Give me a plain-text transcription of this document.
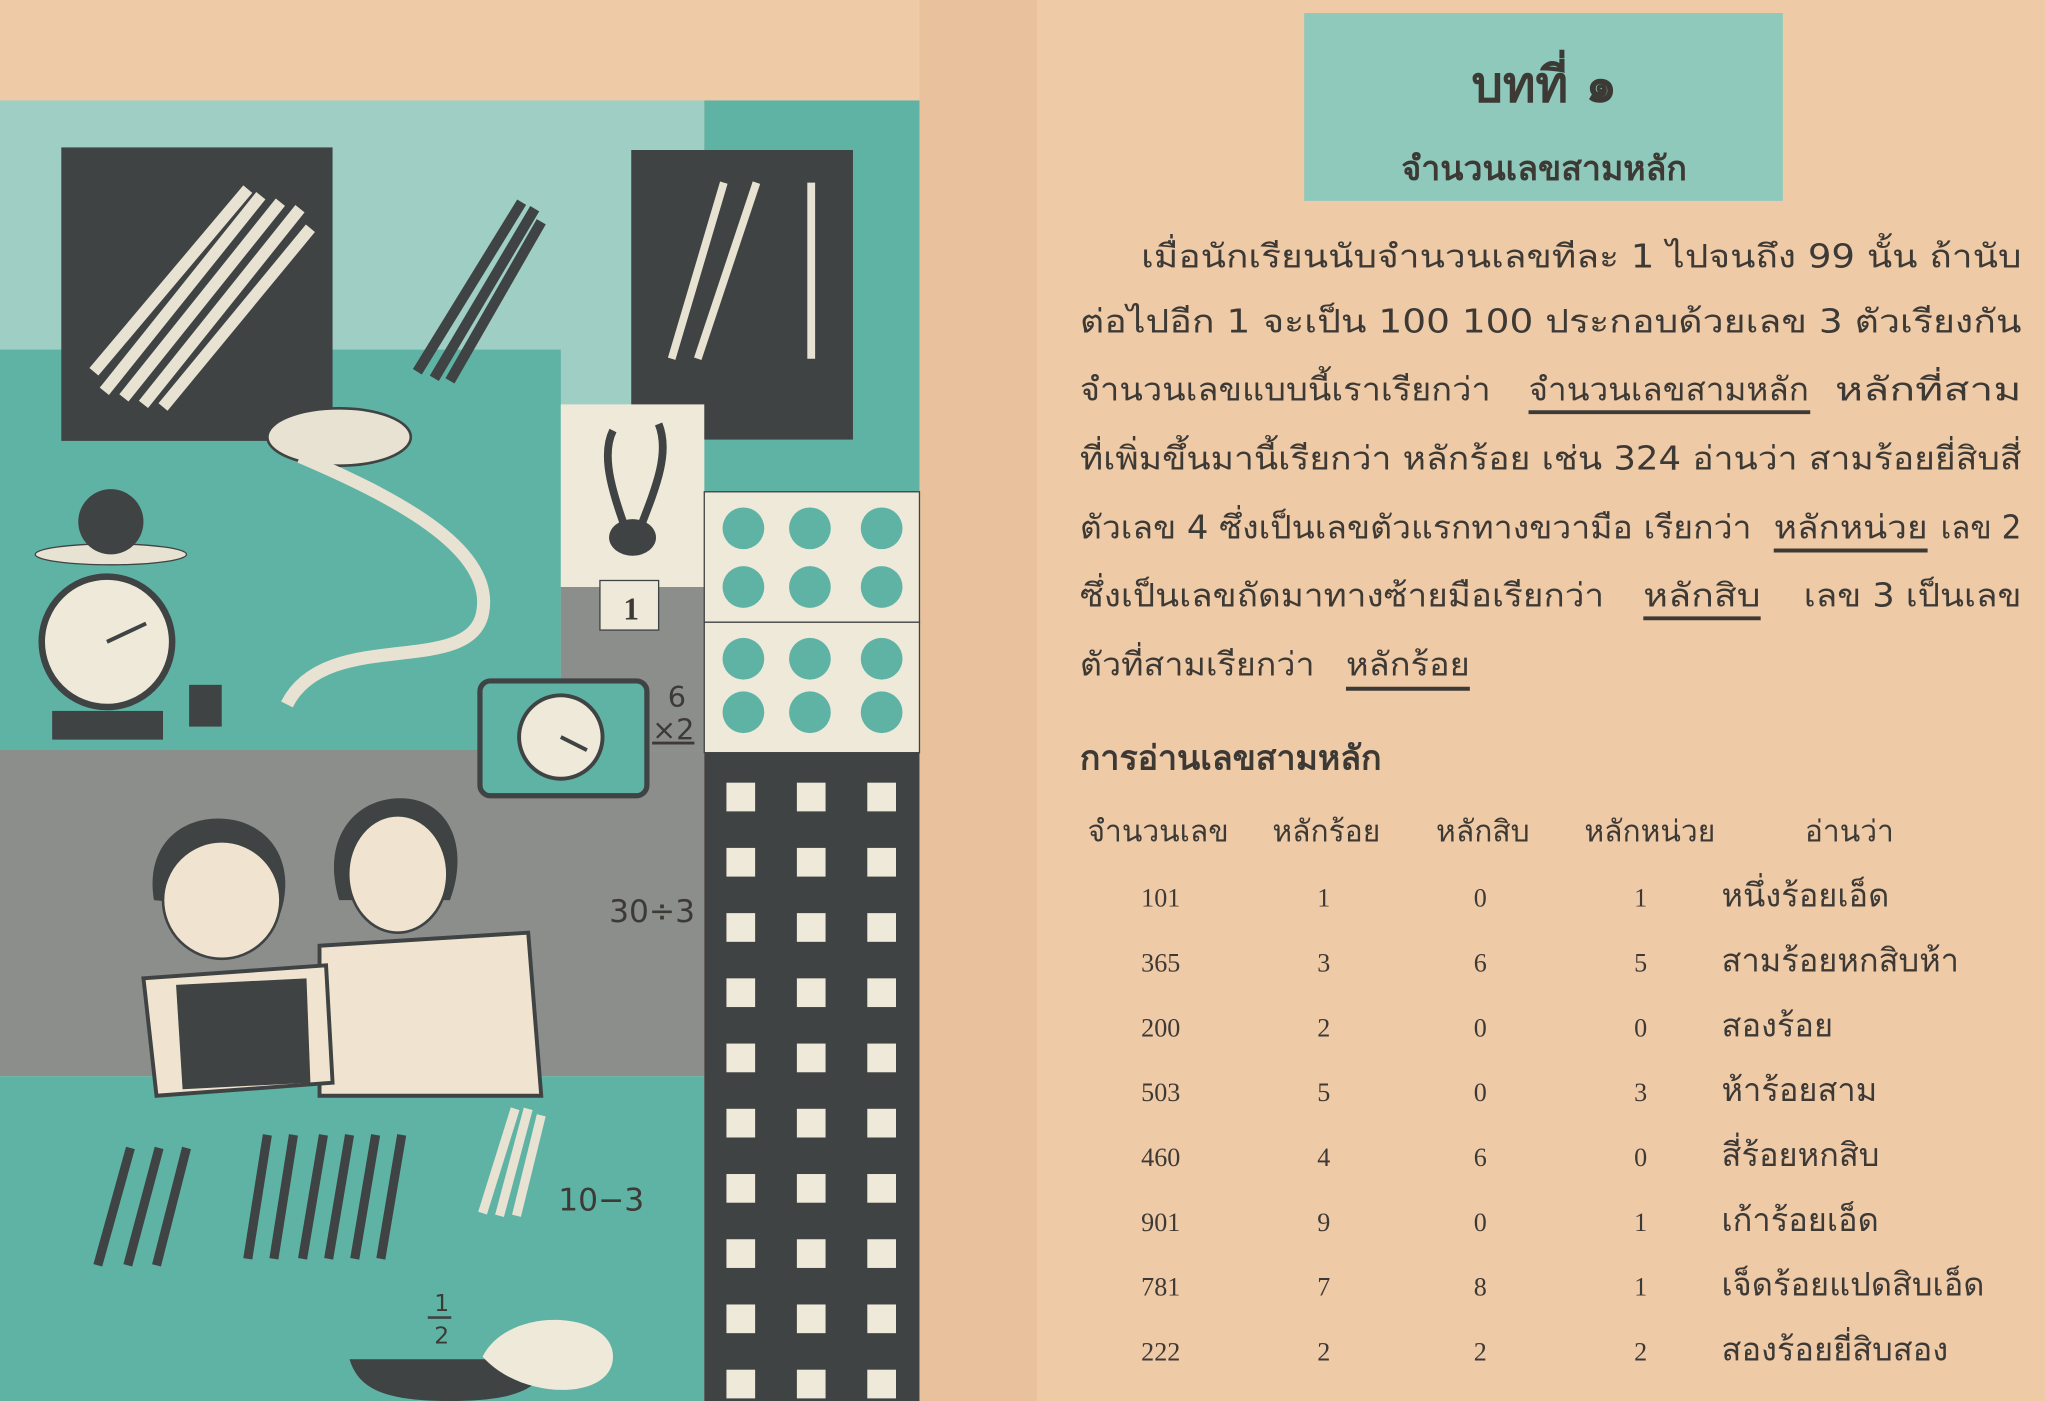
1
6
×2
30÷3
10−3
1
2
บทที่ ๑
จำนวนเลขสามหลัก
เมื่อนักเรียนนับจำนวนเลขทีละ 1 ไปจนถึง 99 นั้น ถ้านับ
ต่อไปอีก 1 จะเป็น 100 100 ประกอบด้วยเลข 3 ตัวเรียงกัน
จำนวนเลขแบบนี้เราเรียกว่า	จำนวนเลขสามหลัก หลักที่สาม
ที่เพิ่มขึ้นมานี้เรียกว่า หลักร้อย เช่น 324 อ่านว่า สามร้อยยี่สิบสี่
ตัวเลข 4 ซึ่งเป็นเลขตัวแรกทางขวามือ เรียกว่า	หลักหน่วย เลข 2
ซึ่งเป็นเลขถัดมาทางซ้ายมือเรียกว่า	หลักสิบ เลข 3 เป็นเลข
ตัวที่สามเรียกว่า	หลักร้อย
การอ่านเลขสามหลัก
จำนวนเลข หลักร้อย หลักสิบ หลักหน่วย	อ่านว่า
101	1	0	1	หนึ่งร้อยเอ็ด
365	3	6	5	สามร้อยหกสิบห้า
200	2	0	0	สองร้อย
503	5	0	3	ห้าร้อยสาม
460	4	6	0	สี่ร้อยหกสิบ
901	9	0	1	เก้าร้อยเอ็ด
781	7	8	1	เจ็ดร้อยแปดสิบเอ็ด
222	2	2	2	สองร้อยยี่สิบสอง
